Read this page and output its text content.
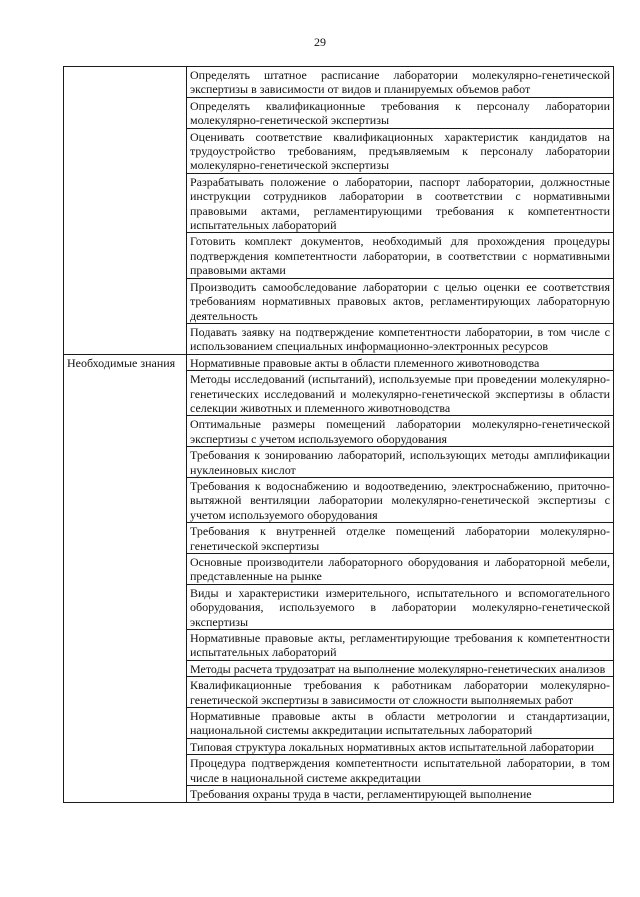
29
	Определять штатное расписание лаборатории молекулярно-генетической экспертизы в зависимости от видов и планируемых объемов работ
	Определять квалификационные требования к персоналу лаборатории молекулярно-генетической экспертизы
	Оценивать соответствие квалификационных характеристик кандидатов на трудоустройство требованиям, предъявляемым к персоналу лаборатории молекулярно-генетической экспертизы
	Разрабатывать положение о лаборатории, паспорт лаборатории, должностные инструкции сотрудников лаборатории в соответствии с нормативными правовыми актами, регламентирующими требования к компетентности испытательных лабораторий
	Готовить комплект документов, необходимый для прохождения процедуры подтверждения компетентности лаборатории, в соответствии с нормативными правовыми актами
	Производить самообследование лаборатории с целью оценки ее соответствия требованиям нормативных правовых актов, регламентирующих лабораторную деятельность
	Подавать заявку на подтверждение компетентности лаборатории, в том числе с использованием специальных информационно-электронных ресурсов
Необходимые знания	Нормативные правовые акты в области племенного животноводства
	Методы исследований (испытаний), используемые при проведении молекулярно-генетических исследований и молекулярно-генетической экспертизы в области селекции животных и племенного животноводства
	Оптимальные размеры помещений лаборатории молекулярно-генетической экспертизы с учетом используемого оборудования
	Требования к зонированию лабораторий, использующих методы амплификации нуклеиновых кислот
	Требования к водоснабжению и водоотведению, электроснабжению, приточно-вытяжной вентиляции лаборатории молекулярно-генетической экспертизы с учетом используемого оборудования
	Требования к внутренней отделке помещений лаборатории молекулярно-генетической экспертизы
	Основные производители лабораторного оборудования и лабораторной мебели, представленные на рынке
	Виды и характеристики измерительного, испытательного и вспомогательного оборудования, используемого в лаборатории молекулярно-генетической экспертизы
	Нормативные правовые акты, регламентирующие требования к компетентности испытательных лабораторий
	Методы расчета трудозатрат на выполнение молекулярно-генетических анализов
	Квалификационные требования к работникам лаборатории молекулярно-генетической экспертизы в зависимости от сложности выполняемых работ
	Нормативные правовые акты в области метрологии и стандартизации, национальной системы аккредитации испытательных лабораторий
	Типовая структура локальных нормативных актов испытательной лаборатории
	Процедура подтверждения компетентности испытательной лаборатории, в том числе в национальной системе аккредитации
	Требования охраны труда в части, регламентирующей выполнение
